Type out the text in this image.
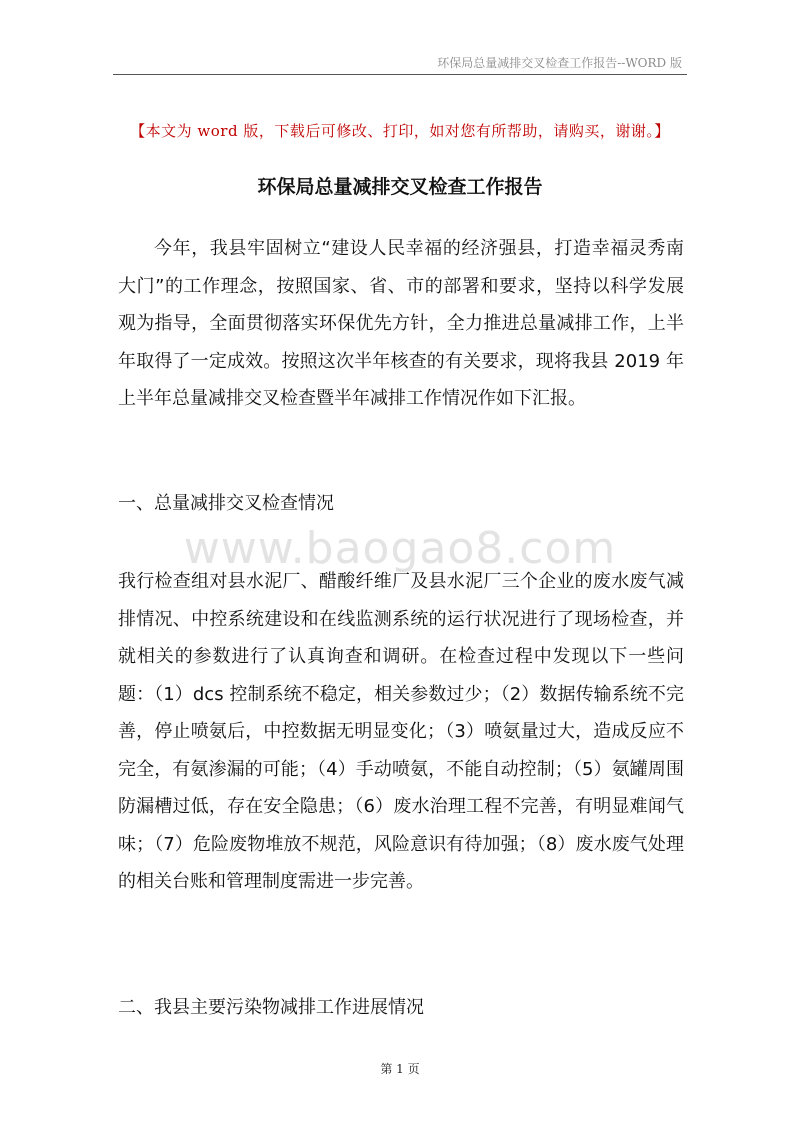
环保局总量减排交叉检查工作报告--WORD 版
【本文为 word 版，下载后可修改、打印，如对您有所帮助，请购买，谢谢。】
环保局总量减排交叉检查工作报告

今年，我县牢固树立“建设人民幸福的经济强县，打造幸福灵秀南大门”的工作理念，按照国家、省、市的部署和要求，坚持以科学发展观为指导，全面贯彻落实环保优先方针，全力推进总量减排工作，上半年取得了一定成效。按照这次半年核查的有关要求，现将我县 2019 年上半年总量减排交叉检查暨半年减排工作情况作如下汇报。

一、总量减排交叉检查情况

www.baogao8.com

我行检查组对县水泥厂、醋酸纤维厂及县水泥厂三个企业的废水废气减排情况、中控系统建设和在线监测系统的运行状况进行了现场检查，并就相关的参数进行了认真询查和调研。在检查过程中发现以下一些问题：（1）dcs 控制系统不稳定，相关参数过少；（2）数据传输系统不完善，停止喷氨后，中控数据无明显变化；（3）喷氨量过大，造成反应不完全，有氨渗漏的可能；（4）手动喷氨，不能自动控制；（5）氨罐周围防漏槽过低，存在安全隐患；（6）废水治理工程不完善，有明显难闻气味；（7）危险废物堆放不规范，风险意识有待加强；（8）废水废气处理的相关台账和管理制度需进一步完善。

二、我县主要污染物减排工作进展情况

第 1 页
